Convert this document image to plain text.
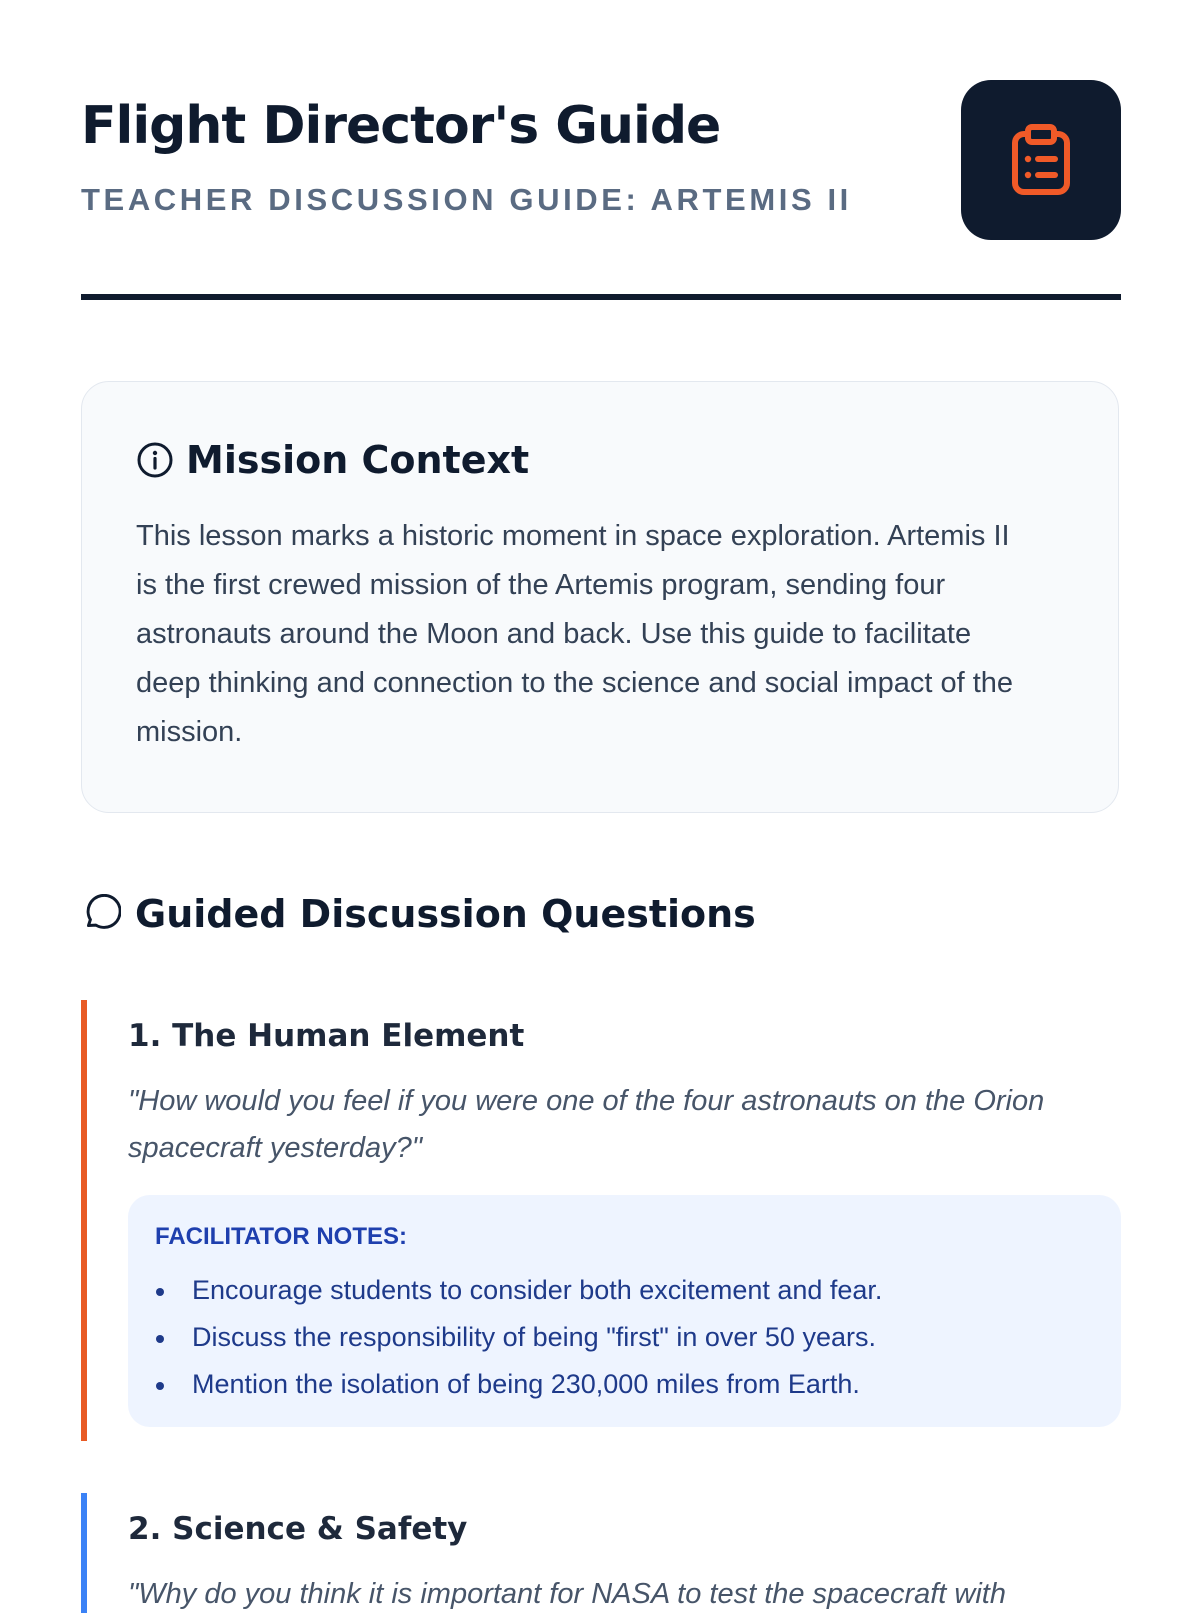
Flight Director's Guide

TEACHER DISCUSSION GUIDE: ARTEMIS II

Mission Context

This lesson marks a historic moment in space exploration. Artemis II is the first crewed mission of the Artemis program, sending four astronauts around the Moon and back. Use this guide to facilitate deep thinking and connection to the science and social impact of the mission.

Guided Discussion Questions
1. The Human Element

"How would you feel if you were one of the four astronauts on the Orion spacecraft yesterday?"

FACILITATOR NOTES:

Encourage students to consider both excitement and fear.
Discuss the responsibility of being "first" in over 50 years.
Mention the isolation of being 230,000 miles from Earth.
2. Science & Safety

"Why do you think it is important for NASA to test the spacecraft with
